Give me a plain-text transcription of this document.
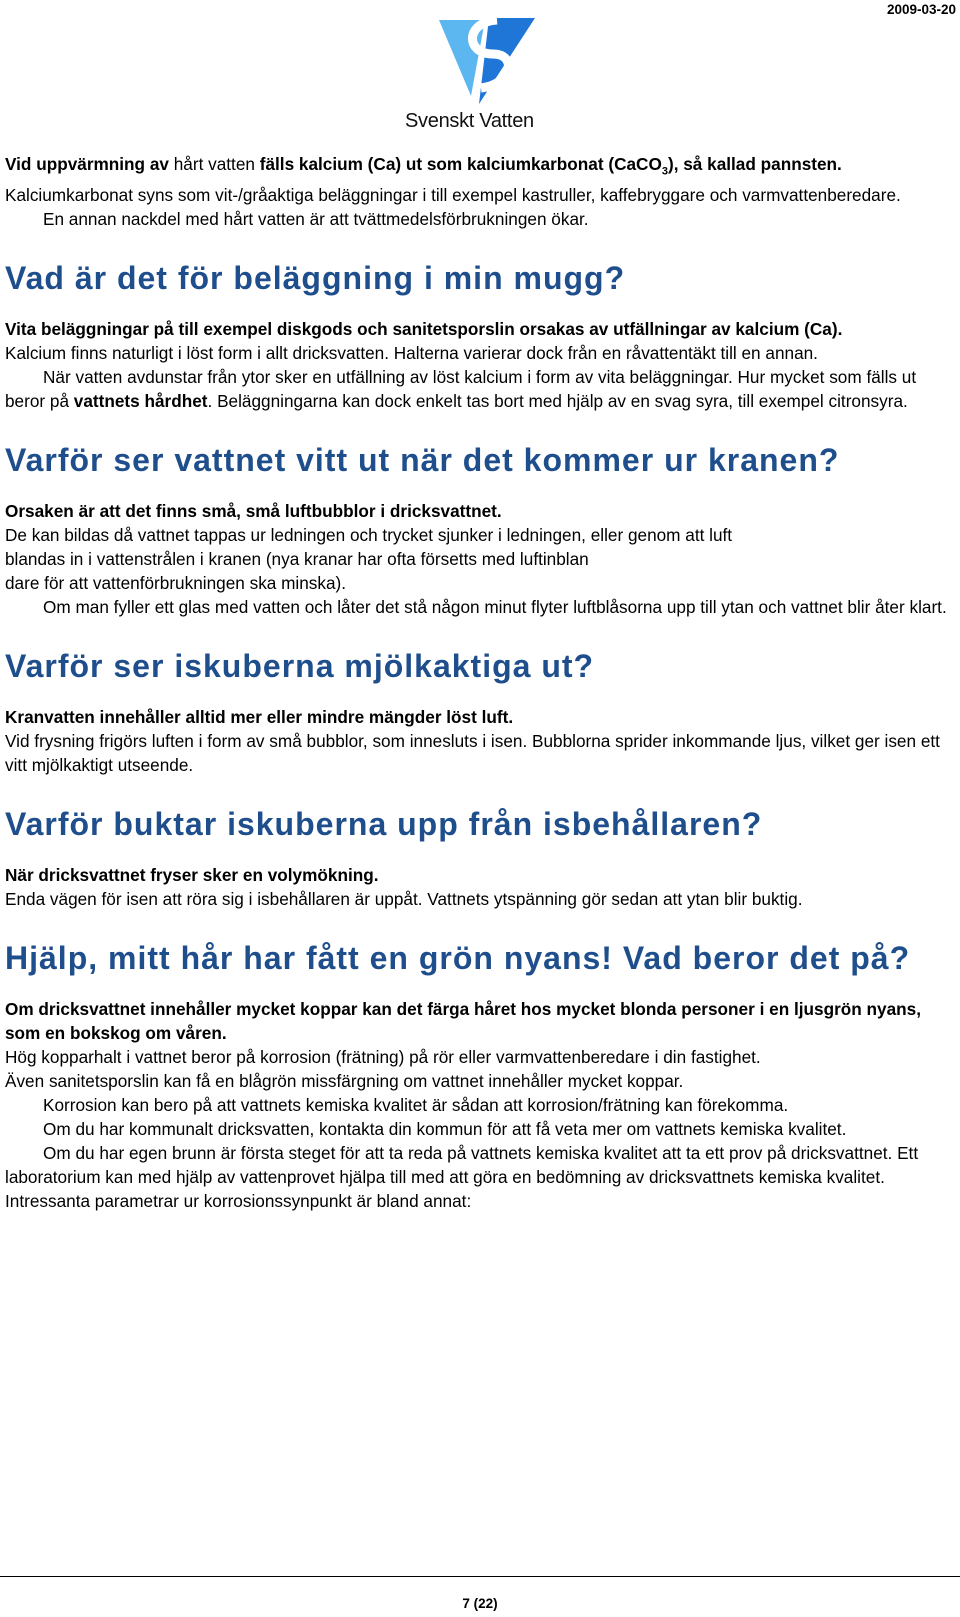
2009-03-20
Svenskt Vatten

Vid uppvärmning av hårt vatten fälls kalcium (Ca) ut som kalciumkarbonat (CaCO$_3$), så kallad pannsten.

Kalciumkarbonat syns som vit-/gråaktiga beläggningar i till exempel kastruller, kaffebryggare och varmvattenberedare.

En annan nackdel med hårt vatten är att tvättmedelsförbrukningen ökar.

Vad är det för beläggning i min mugg?

Vita beläggningar på till exempel diskgods och sanitetsporslin orsakas av utfällningar av kalcium (Ca).

Kalcium finns naturligt i löst form i allt dricksvatten. Halterna varierar dock från en råvattentäkt till en annan.

När vatten avdunstar från ytor sker en utfällning av löst kalcium i form av vita beläggningar. Hur mycket som fälls ut beror på vattnets hårdhet. Beläggningarna kan dock enkelt tas bort med hjälp av en svag syra, till exempel citronsyra.

Varför ser vattnet vitt ut när det kommer ur kranen?

Orsaken är att det finns små, små luftbubblor i dricksvattnet.

De kan bildas då vattnet tappas ur ledningen och trycket sjunker i ledningen, eller genom att luft

blandas in i vattenstrålen i kranen (nya kranar har ofta försetts med luftinblan

dare för att vattenförbrukningen ska minska).

Om man fyller ett glas med vatten och låter det stå någon minut flyter luftblåsorna upp till ytan och vattnet blir åter klart.

Varför ser iskuberna mjölkaktiga ut?

Kranvatten innehåller alltid mer eller mindre mängder löst luft.

Vid frysning frigörs luften i form av små bubblor, som innesluts i isen. Bubblorna sprider inkommande ljus, vilket ger isen ett vitt mjölkaktigt utseende.

Varför buktar iskuberna upp från isbehållaren?

När dricksvattnet fryser sker en volymökning.

Enda vägen för isen att röra sig i isbehållaren är uppåt. Vattnets ytspänning gör sedan att ytan blir buktig.

Hjälp, mitt hår har fått en grön nyans! Vad beror det på?

Om dricksvattnet innehåller mycket koppar kan det färga håret hos mycket blonda personer i en ljusgrön nyans, som en bokskog om våren.

Hög kopparhalt i vattnet beror på korrosion (frätning) på rör eller varmvattenberedare i din fastighet.

Även sanitetsporslin kan få en blågrön missfärgning om vattnet innehåller mycket koppar.

Korrosion kan bero på att vattnets kemiska kvalitet är sådan att korrosion/frätning kan förekomma.

Om du har kommunalt dricksvatten, kontakta din kommun för att få veta mer om vattnets kemiska kvalitet.

Om du har egen brunn är första steget för att ta reda på vattnets kemiska kvalitet att ta ett prov på dricksvattnet. Ett laboratorium kan med hjälp av vattenprovet hjälpa till med att göra en bedömning av dricksvattnets kemiska kvalitet. Intressanta parametrar ur korrosionssynpunkt är bland annat:

7 (22)
